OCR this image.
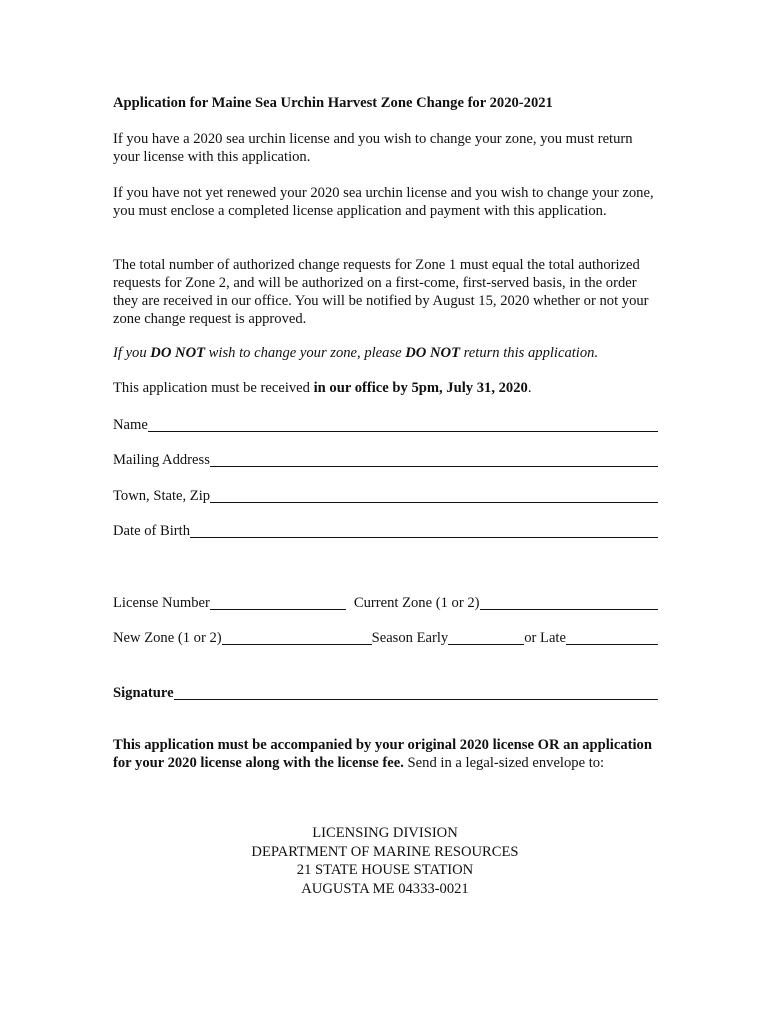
Application for Maine Sea Urchin Harvest Zone Change for 2020-2021

If you have a 2020 sea urchin license and you wish to change your zone, you must return your license with this application.

If you have not yet renewed your 2020 sea urchin license and you wish to change your zone, you must enclose a completed license application and payment with this application.

The total number of authorized change requests for Zone 1 must equal the total authorized requests for Zone 2, and will be authorized on a first-come, first-served basis, in the order they are received in our office. You will be notified by August 15, 2020 whether or not your zone change request is approved.

If you DO NOT wish to change your zone, please DO NOT return this application.

This application must be received in our office by 5pm, July 31, 2020.

Name
Mailing Address
Town, State, Zip
Date of Birth
License Number	Current Zone (1 or 2)
New Zone (1 or 2)	Season Early	or Late
Signature

This application must be accompanied by your original 2020 license OR an application for your 2020 license along with the license fee. Send in a legal-sized envelope to:

LICENSING DIVISION
DEPARTMENT OF MARINE RESOURCES
21 STATE HOUSE STATION
AUGUSTA ME 04333-0021
